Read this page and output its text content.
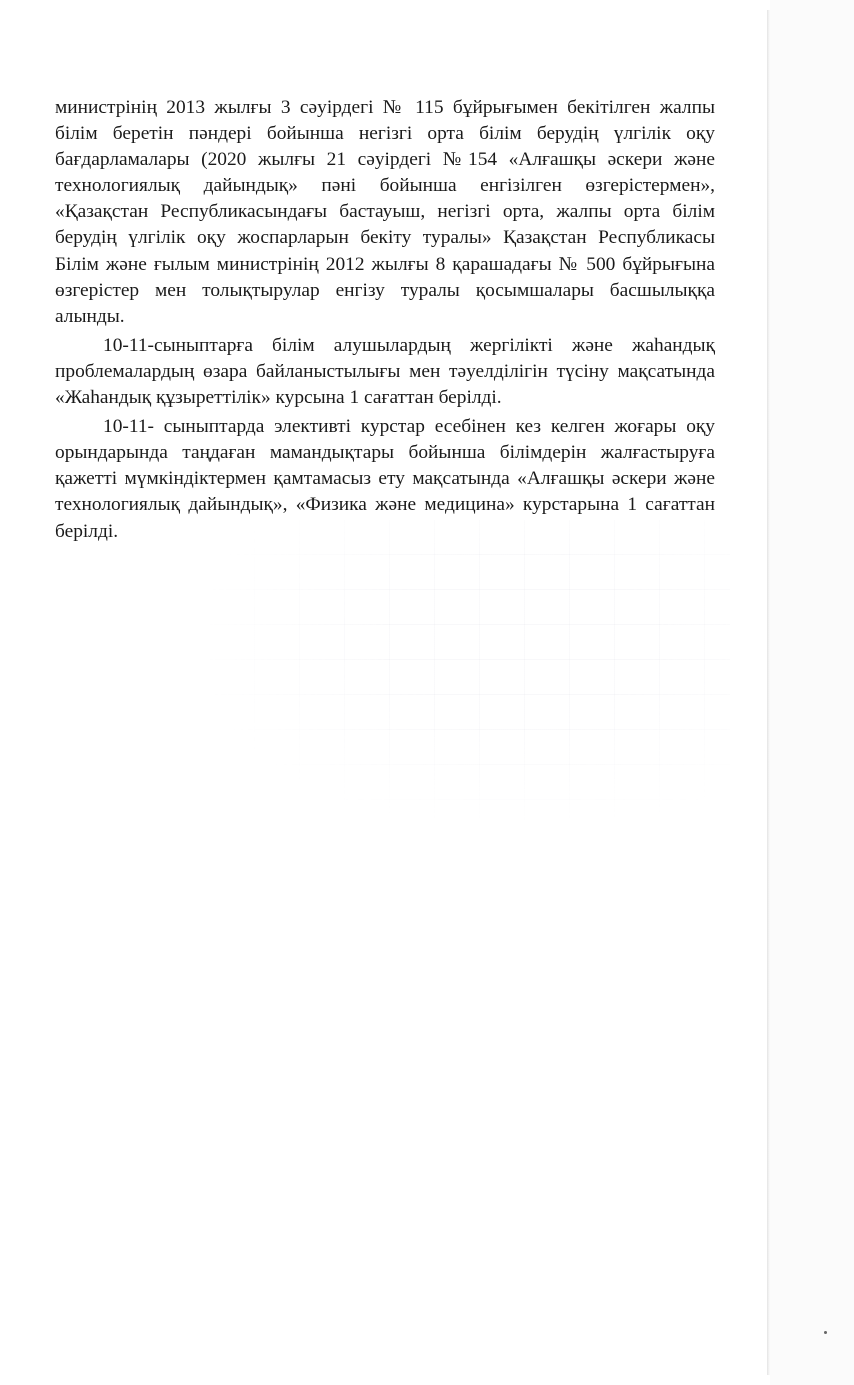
министрінің 2013 жылғы 3 сәуірдегі № 115 бұйрығымен бекітілген жалпы білім беретін пәндері бойынша негізгі орта білім берудің үлгілік оқу бағдарламалары (2020 жылғы 21 сәуірдегі №154 «Алғашқы әскери және технологиялық дайындық» пәні бойынша енгізілген өзгерістермен», «Қазақстан Республикасындағы бастауыш, негізгі орта, жалпы орта білім берудің үлгілік оқу жоспарларын бекіту туралы» Қазақстан Республикасы Білім және ғылым министрінің 2012 жылғы 8 қарашадағы № 500 бұйрығына өзгерістер мен толықтырулар енгізу туралы қосымшалары басшылыққа алынды.

10-11-сыныптарға білім алушылардың жергілікті және жаһандық проблемалардың өзара байланыстылығы мен тәуелділігін түсіну мақсатында «Жаһандық құзыреттілік» курсына 1 сағаттан берілді.

10-11- сыныптарда элективті курстар есебінен кез келген жоғары оқу орындарында таңдаған мамандықтары бойынша білімдерін жалғастыруға қажетті мүмкіндіктермен қамтамасыз ету мақсатында «Алғашқы әскери және технологиялық дайындық», «Физика және медицина» курстарына 1 сағаттан берілді.
